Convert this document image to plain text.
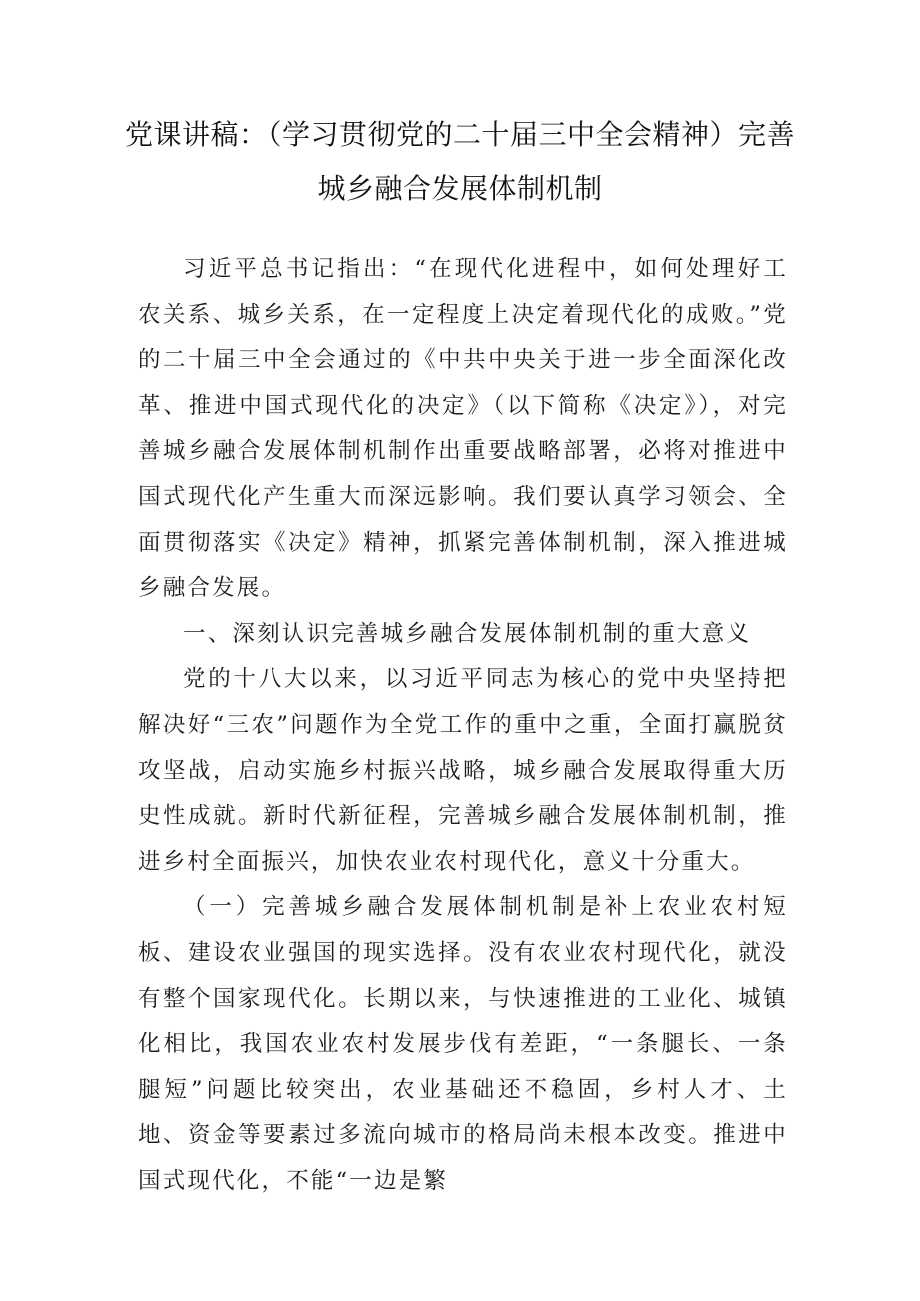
党课讲稿：（学习贯彻党的二十届三中全会精神）完善
城乡融合发展体制机制

习近平总书记指出：“在现代化进程中，如何处理好工农关系、城乡关系，在一定程度上决定着现代化的成败。”党的二十届三中全会通过的《中共中央关于进一步全面深化改革、推进中国式现代化的决定》（以下简称《决定》），对完善城乡融合发展体制机制作出重要战略部署，必将对推进中国式现代化产生重大而深远影响。我们要认真学习领会、全面贯彻落实《决定》精神，抓紧完善体制机制，深入推进城乡融合发展。

一、深刻认识完善城乡融合发展体制机制的重大意义

党的十八大以来，以习近平同志为核心的党中央坚持把解决好“三农”问题作为全党工作的重中之重，全面打赢脱贫攻坚战，启动实施乡村振兴战略，城乡融合发展取得重大历史性成就。新时代新征程，完善城乡融合发展体制机制，推进乡村全面振兴，加快农业农村现代化，意义十分重大。

（一）完善城乡融合发展体制机制是补上农业农村短板、建设农业强国的现实选择。没有农业农村现代化，就没有整个国家现代化。长期以来，与快速推进的工业化、城镇化相比，我国农业农村发展步伐有差距，“一条腿长、一条腿短”问题比较突出，农业基础还不稳固，乡村人才、土地、资金等要素过多流向城市的格局尚未根本改变。推进中国式现代化，不能“一边是繁
